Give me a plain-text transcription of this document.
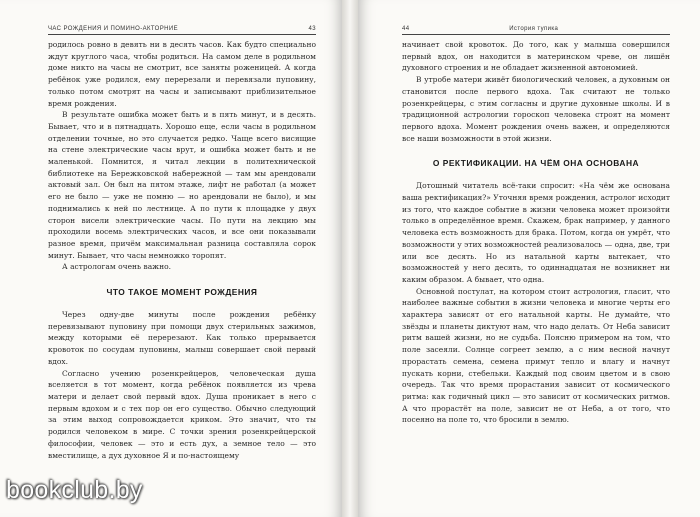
ЧАС РОЖДЕНИЯ И ПОМИНО-АКТОРНИЕ	43

родилось ровно в девять ни в десять часов. Как будто специально ждут круглого часа, чтобы родиться. На самом деле в родильном доме никто на часы не смотрит, все заняты роженицей. А когда ребёнок уже родился, ему перерезали и перевязали пуповину, только потом смотрят на часы и записывают приблизительное время рождения.

В результате ошибка может быть и в пять минут, и в десять. Бывает, что и в пятнадцать. Хорошо еще, если часы в родильном отделении точные, но это случается редко. Чаще всего висящие на стене электрические часы врут, и ошибка может быть и не маленькой. Помнится, я читал лекции в политехнической библиотеке на Бережковской набережной — там мы арендовали актовый зал. Он был на пятом этаже, лифт не работал (а может его не было — уже не помню — но арендовали не было), и мы поднимались к ней по лестнице. А по пути к площадке у двух сторон висели электрические часы. По пути на лекцию мы проходили восемь электрических часов, и все они показывали разное время, причём максимальная разница составляла сорок минут. Бывает, что часы немножко торопят.

А астрологам очень важно.

ЧТО ТАКОЕ МОМЕНТ РОЖДЕНИЯ

Через одну-две минуты после рождения ребёнку перевязывают пуповину при помощи двух стерильных зажимов, между которыми её перерезают. Как только прерывается кровоток по сосудам пуповины, малыш совершает свой первый вдох.

Согласно учению розенкрейцеров, человеческая душа вселяется в тот момент, когда ребёнок появляется из чрева матери и делает свой первый вдох. Душа проникает в него с первым вдохом и с тех пор он его существо. Обычно следующий за этим выход сопровождается криком. Это значит, что ты родился человеком в мире. С точки зрения розенкрейцерской философии, человек — это и есть дух, а земное тело — это вместилище, а дух духовное Я и по-настоящему

44	История тупика

начинает свой кровоток. До того, как у малыша совершился первый вдох, он находится в материнском чреве, он лишён духовного строения и не обладает жизненной автономией.

В утробе матери живёт биологический человек, а духовным он становится после первого вдоха. Так считают не только розенкрейцеры, с этим согласны и другие духовные школы. И в традиционной астрологии гороскоп человека строят на момент первого вдоха. Момент рождения очень важен, и определяются все наши возможности в этой жизни.

О РЕКТИФИКАЦИИ. НА ЧЁМ ОНА ОСНОВАНА

Дотошный читатель всё-таки спросит: «На чём же основана ваша ректификация?» Уточняя время рождения, астролог исходит из того, что каждое событие в жизни человека может произойти только в определённое время. Скажем, брак например, у данного человека есть возможность для брака. Потом, когда он умрёт, что возможности у этих возможностей реализовалось — одна, две, три или все десять. Но из натальной карты вытекает, что возможностей у него десять, то одиннадцатая не возникнет ни каким образом. А бывает, что одна.

Основной постулат, на котором стоит астрология, гласит, что наиболее важные события в жизни человека и многие черты его характера зависят от его натальной карты. Не думайте, что звёзды и планеты диктуют нам, что надо делать. От Неба зависит ритм вашей жизни, но не судьба. Поясню примером на том, что поле засеяли. Солнце согреет землю, а с ним весной начнут прорастать семена, семена примут тепло и влагу и начнут пускать корни, стебельки. Каждый под своим цветом и в свою очередь. Так что время прорастания зависит от космического ритма: как годичный цикл — это зависит от космических ритмов. А что прорастёт на поле, зависит не от Неба, а от того, что посеяно на поле то, что бросили в землю.

bookclub.by
